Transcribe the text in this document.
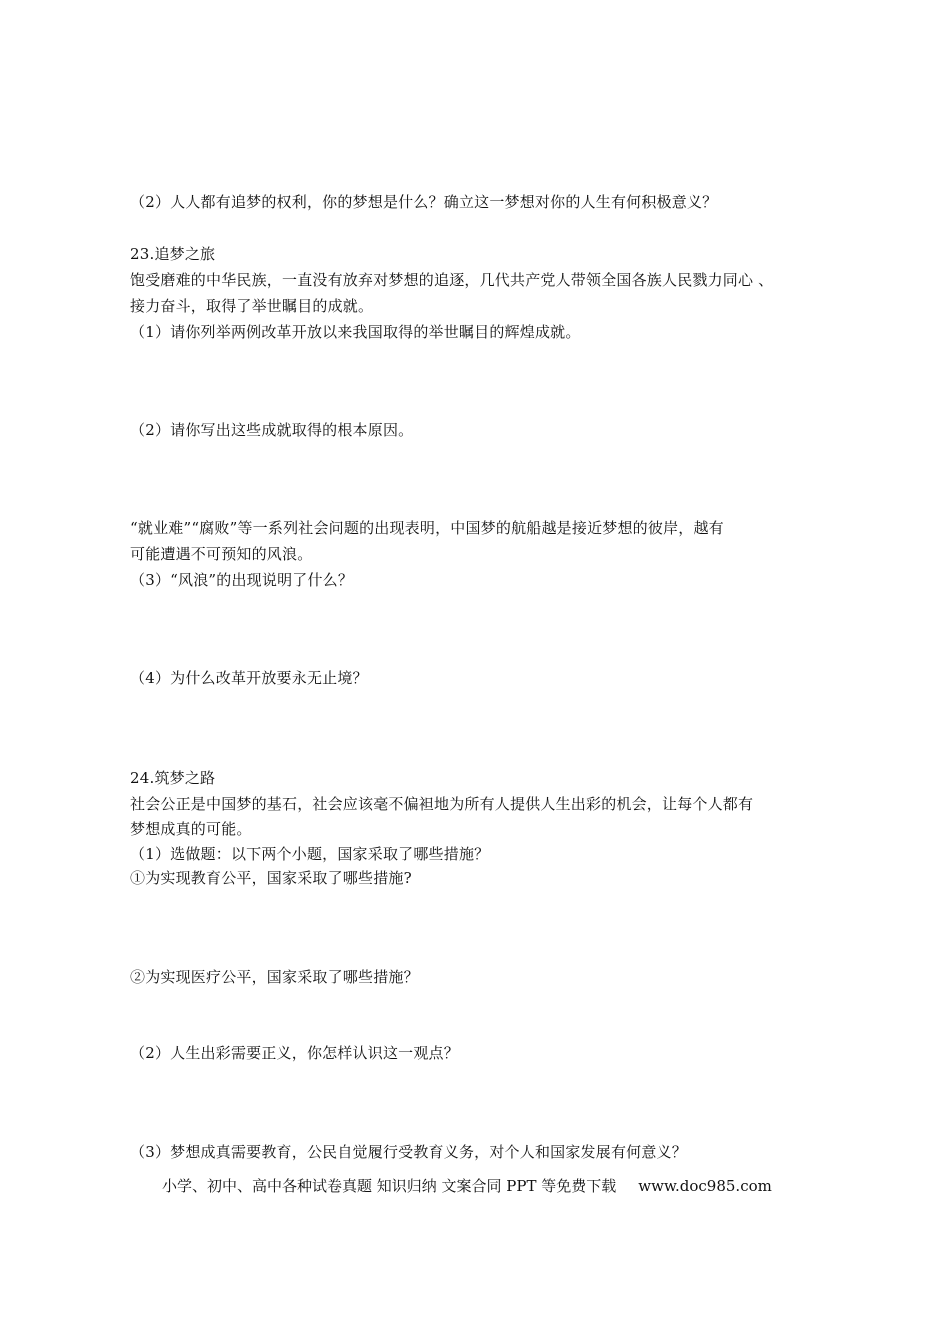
（2）人人都有追梦的权利，你的梦想是什么？确立这一梦想对你的人生有何积极意义？
23.追梦之旅
饱受磨难的中华民族，一直没有放弃对梦想的追逐，几代共产党人带领全国各族人民戮力同心 、
接力奋斗，取得了举世瞩目的成就。
（1）请你列举两例改革开放以来我国取得的举世瞩目的辉煌成就。
（2）请你写出这些成就取得的根本原因。
“就业难”“腐败”等一系列社会问题的出现表明，中国梦的航船越是接近梦想的彼岸，越有
可能遭遇不可预知的风浪。
（3）“风浪”的出现说明了什么？
（4）为什么改革开放要永无止境？
24.筑梦之路
社会公正是中国梦的基石，社会应该毫不偏袒地为所有人提供人生出彩的机会，让每个人都有
梦想成真的可能。
（1）选做题：以下两个小题，国家采取了哪些措施？
①为实现教育公平，国家采取了哪些措施?
②为实现医疗公平，国家采取了哪些措施？
（2）人生出彩需要正义，你怎样认识这一观点？
（3）梦想成真需要教育，公民自觉履行受教育义务，对个人和国家发展有何意义？
小学、初中、高中各种试卷真题 知识归纳 文案合同 PPT 等免费下载 www.doc985.com
